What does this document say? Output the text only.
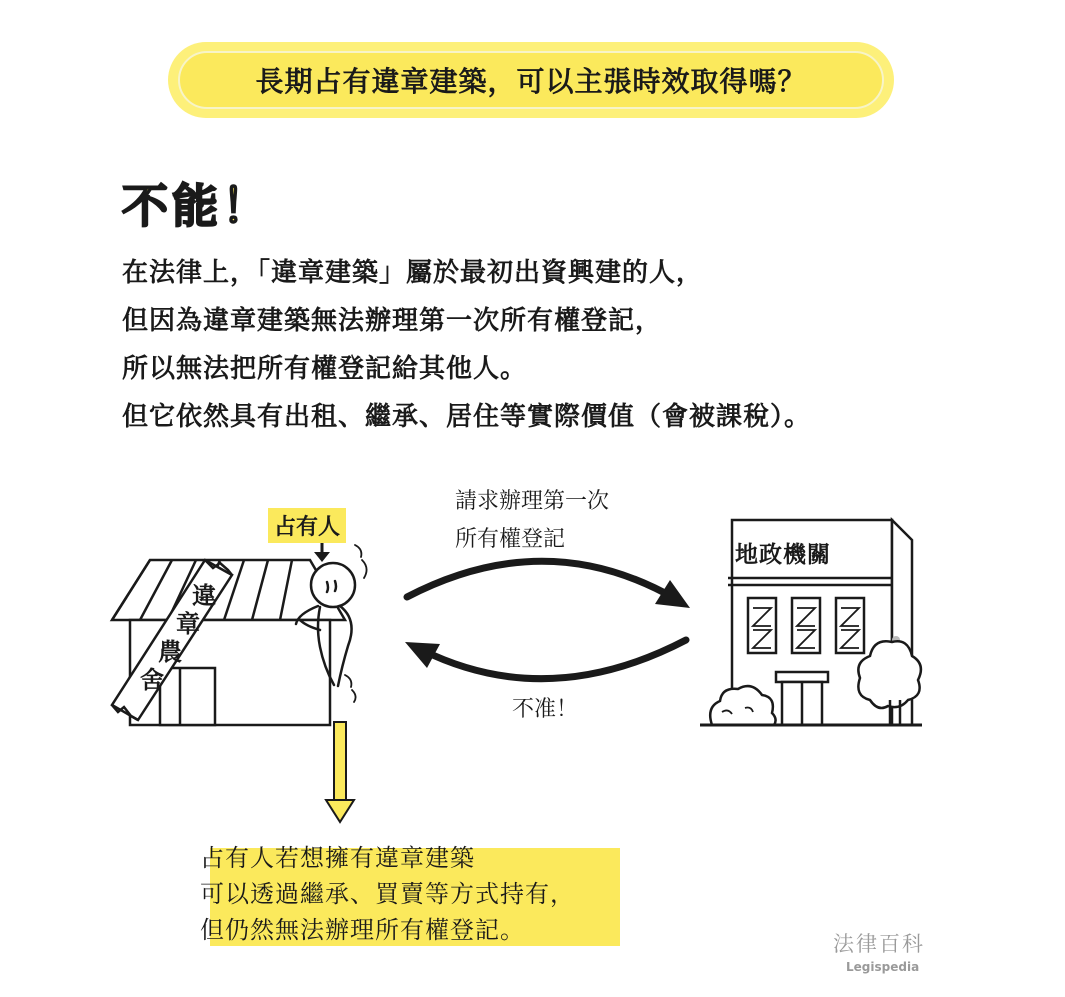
長期占有違章建築，可以主張時效取得嗎？
不能！
在法律上，「違章建築」屬於最初出資興建的人，
但因為違章建築無法辦理第一次所有權登記，
所以無法把所有權登記給其他人。
但它依然具有出租、繼承、居住等實際價值（會被課稅）。
違
章
農
舍
占有人
請求辦理第一次
所有權登記
不准！
地政機關
占有人若想擁有違章建築
可以透過繼承、買賣等方式持有，
但仍然無法辦理所有權登記。	法律百科
Legispedia
